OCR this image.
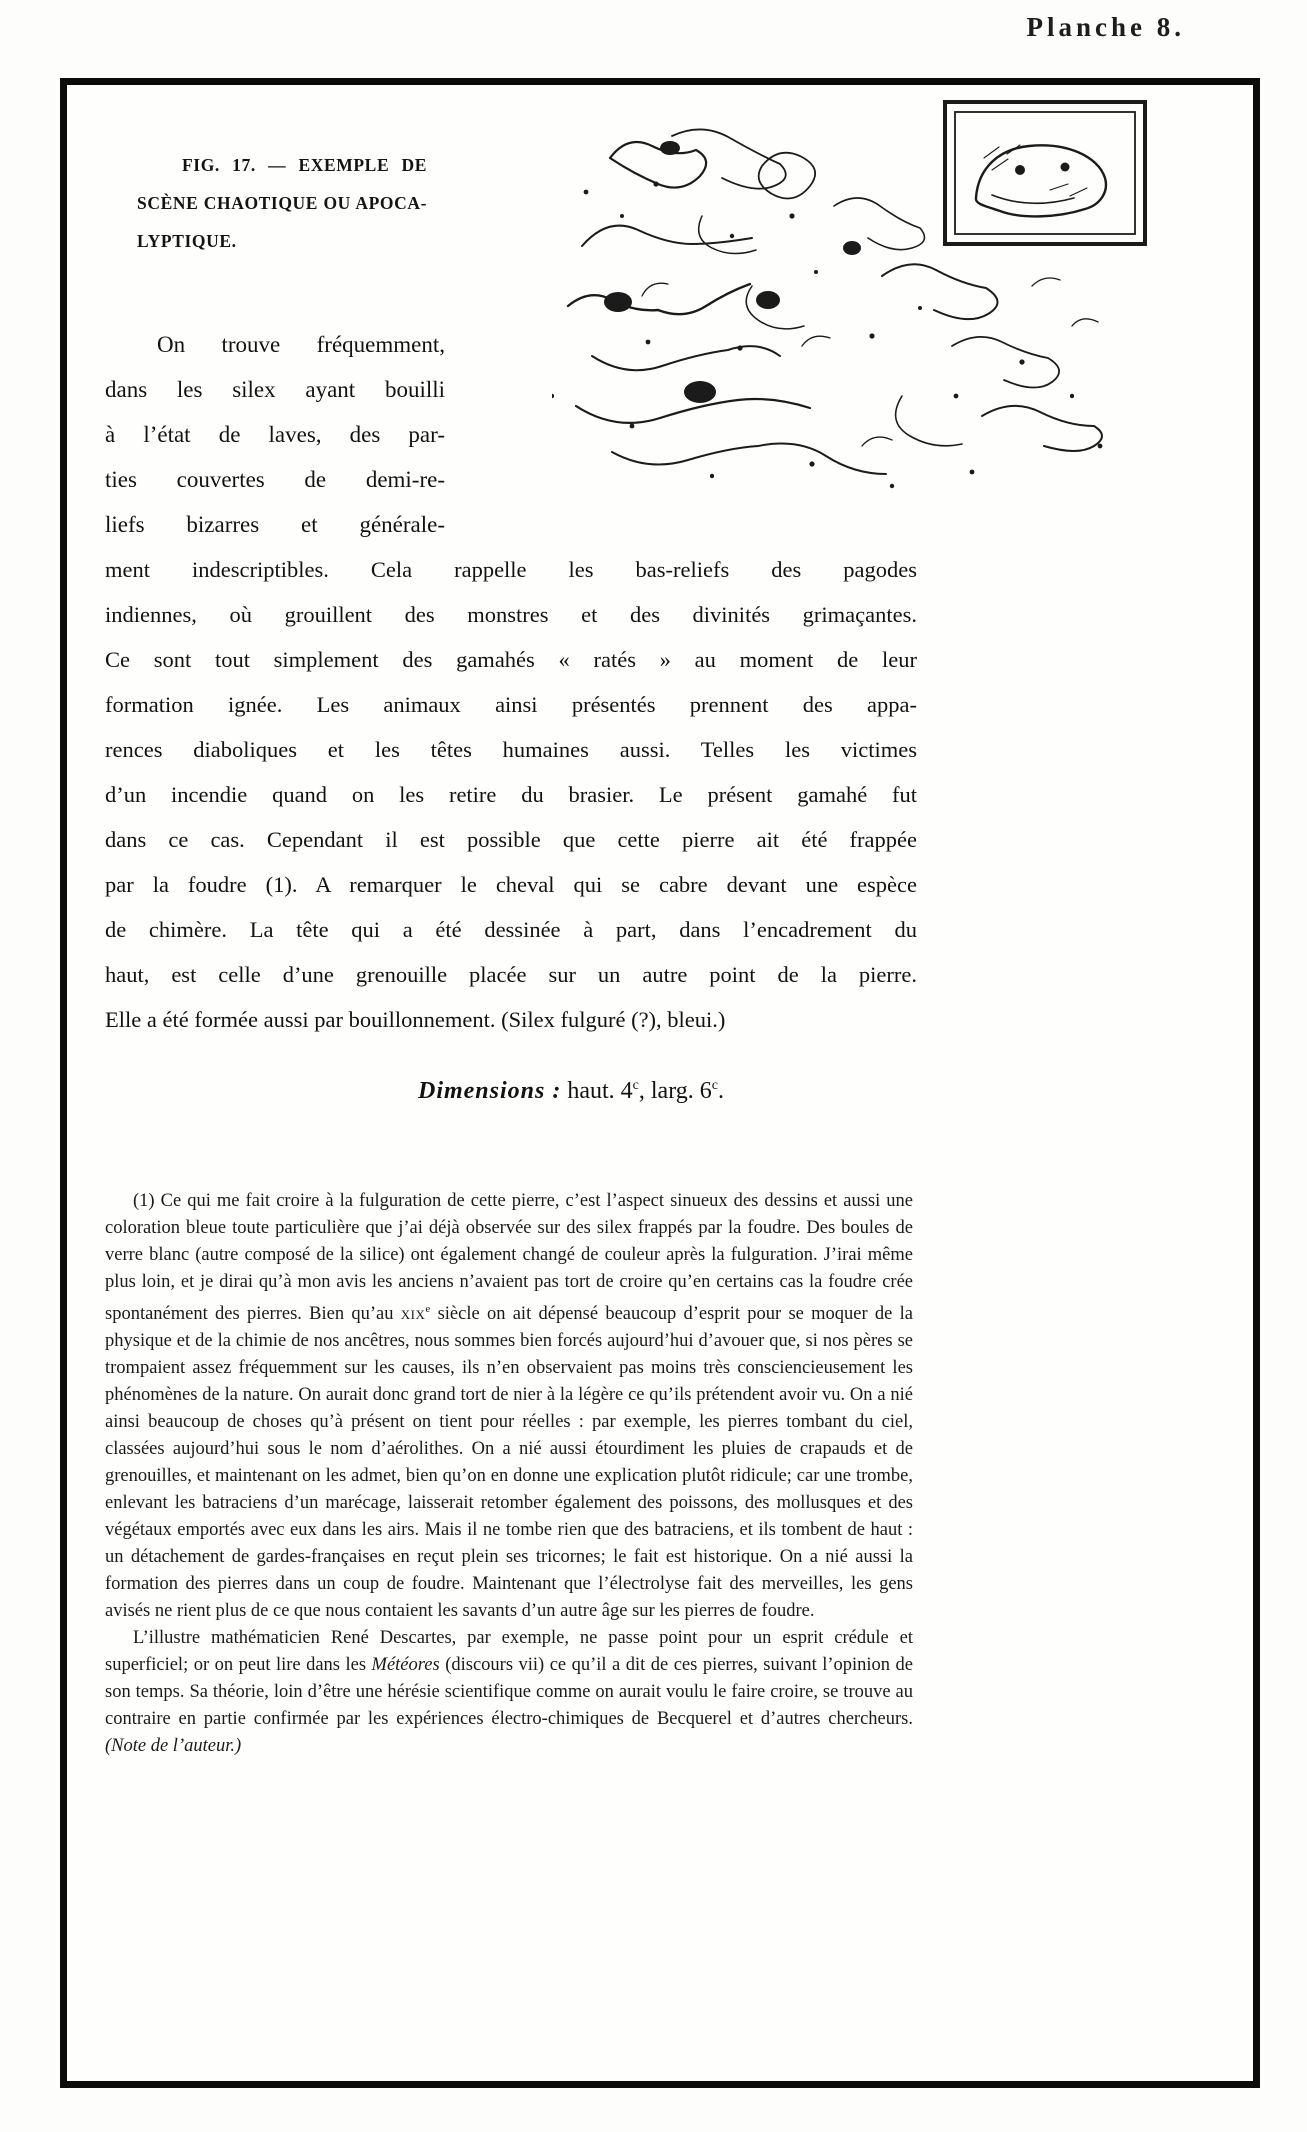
Planche 8.
FIG. 17. — EXEMPLE DE
SCÈNE CHAOTIQUE OU APOCA-
LYPTIQUE.
On trouve fréquemment,
dans les silex ayant bouilli
à l’état de laves, des par-
ties couvertes de demi-re-
liefs bizarres et générale-
ment indescriptibles. Cela rappelle les bas-reliefs des pagodes
indiennes, où grouillent des monstres et des divinités grimaçantes.
Ce sont tout simplement des gamahés « ratés » au moment de leur
formation ignée. Les animaux ainsi présentés prennent des appa-
rences diaboliques et les têtes humaines aussi. Telles les victimes
d’un incendie quand on les retire du brasier. Le présent gamahé fut
dans ce cas. Cependant il est possible que cette pierre ait été frappée
par la foudre (1). A remarquer le cheval qui se cabre devant une espèce
de chimère. La tête qui a été dessinée à part, dans l’encadrement du
haut, est celle d’une grenouille placée sur un autre point de la pierre.
Elle a été formée aussi par bouillonnement. (Silex fulguré (?), bleui.)
Dimensions : haut. 4$^c$, larg. 6$^c$.

(1) Ce qui me fait croire à la fulguration de cette pierre, c’est l’aspect sinueux des dessins et aussi une coloration bleue toute particulière que j’ai déjà observée sur des silex frappés par la foudre. Des boules de verre blanc (autre composé de la silice) ont également changé de couleur après la fulguration. J’irai même plus loin, et je dirai qu’à mon avis les anciens n’avaient pas tort de croire qu’en certains cas la foudre crée spontanément des pierres. Bien qu’au xix$^e$ siècle on ait dépensé beaucoup d’esprit pour se moquer de la physique et de la chimie de nos ancêtres, nous sommes bien forcés aujourd’hui d’avouer que, si nos pères se trompaient assez fréquemment sur les causes, ils n’en observaient pas moins très consciencieusement les phénomènes de la nature. On aurait donc grand tort de nier à la légère ce qu’ils prétendent avoir vu. On a nié ainsi beaucoup de choses qu’à présent on tient pour réelles : par exemple, les pierres tombant du ciel, classées aujourd’hui sous le nom d’aérolithes. On a nié aussi étourdiment les pluies de crapauds et de grenouilles, et maintenant on les admet, bien qu’on en donne une explication plutôt ridicule; car une trombe, enlevant les batraciens d’un marécage, laisserait retomber également des poissons, des mollusques et des végétaux emportés avec eux dans les airs. Mais il ne tombe rien que des batraciens, et ils tombent de haut : un détachement de gardes-françaises en reçut plein ses tricornes; le fait est historique. On a nié aussi la formation des pierres dans un coup de foudre. Maintenant que l’électrolyse fait des merveilles, les gens avisés ne rient plus de ce que nous contaient les savants d’un autre âge sur les pierres de foudre.

L’illustre mathématicien René Descartes, par exemple, ne passe point pour un esprit crédule et superficiel; or on peut lire dans les Météores (discours vii) ce qu’il a dit de ces pierres, suivant l’opinion de son temps. Sa théorie, loin d’être une hérésie scientifique comme on aurait voulu le faire croire, se trouve au contraire en partie confirmée par les expériences électro-chimiques de Becquerel et d’autres chercheurs. (Note de l’auteur.)
